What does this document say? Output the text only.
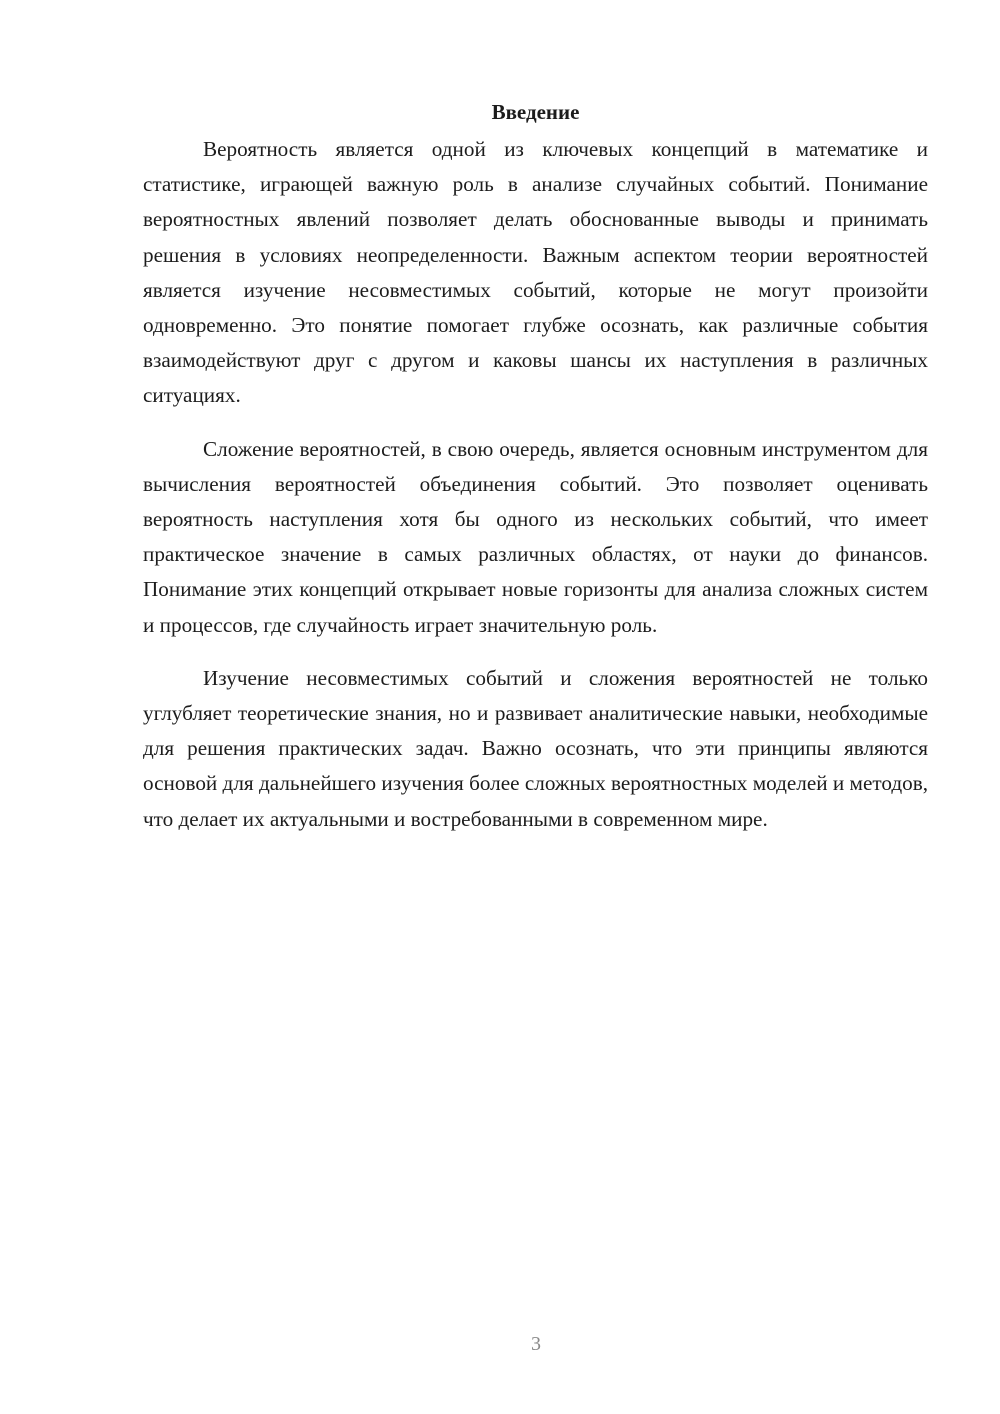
Введение

Вероятность является одной из ключевых концепций в математике и статистике, играющей важную роль в анализе случайных событий. Понимание вероятностных явлений позволяет делать обоснованные выводы и принимать решения в условиях неопределенности. Важным аспектом теории вероятностей является изучение несовместимых событий, которые не могут произойти одновременно. Это понятие помогает глубже осознать, как различные события взаимодействуют друг с другом и каковы шансы их наступления в различных ситуациях.

Сложение вероятностей, в свою очередь, является основным инструментом для вычисления вероятностей объединения событий. Это позволяет оценивать вероятность наступления хотя бы одного из нескольких событий, что имеет практическое значение в самых различных областях, от науки до финансов. Понимание этих концепций открывает новые горизонты для анализа сложных систем и процессов, где случайность играет значительную роль.

Изучение несовместимых событий и сложения вероятностей не только углубляет теоретические знания, но и развивает аналитические навыки, необходимые для решения практических задач. Важно осознать, что эти принципы являются основой для дальнейшего изучения более сложных вероятностных моделей и методов, что делает их актуальными и востребованными в современном мире.

3
